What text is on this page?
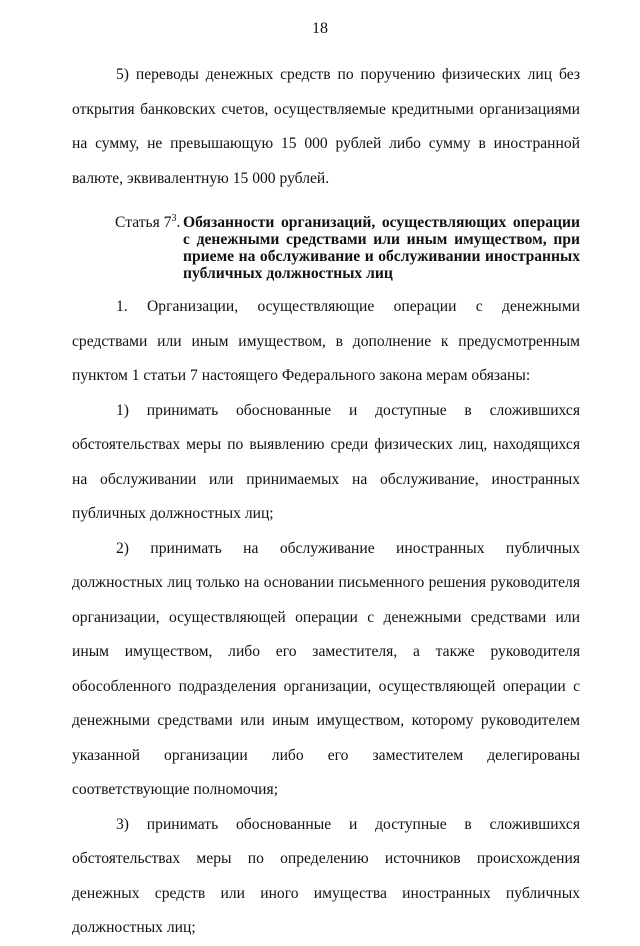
18

5) переводы денежных средств по поручению физических лиц без открытия банковских счетов, осуществляемые кредитными организациями на сумму, не превышающую 15 000 рублей либо сумму в иностранной валюте, эквивалентную 15 000 рублей.

Статья $7^3$. Обязанности организаций, осуществляющих операции с денежными средствами или иным имуществом, при приеме на обслуживание и обслуживании иностранных публичных должностных лиц

1. Организации, осуществляющие операции с денежными средствами или иным имуществом, в дополнение к предусмотренным пунктом 1 статьи 7 настоящего Федерального закона мерам обязаны:

1) принимать обоснованные и доступные в сложившихся обстоятельствах меры по выявлению среди физических лиц, находящихся на обслуживании или принимаемых на обслуживание, иностранных публичных должностных лиц;

2) принимать на обслуживание иностранных публичных должностных лиц только на основании письменного решения руководителя организации, осуществляющей операции с денежными средствами или иным имуществом, либо его заместителя, а также руководителя обособленного подразделения организации, осуществляющей операции с денежными средствами или иным имуществом, которому руководителем указанной организации либо его заместителем делегированы соответствующие полномочия;

3) принимать обоснованные и доступные в сложившихся обстоятельствах меры по определению источников происхождения денежных средств или иного имущества иностранных публичных должностных лиц;
